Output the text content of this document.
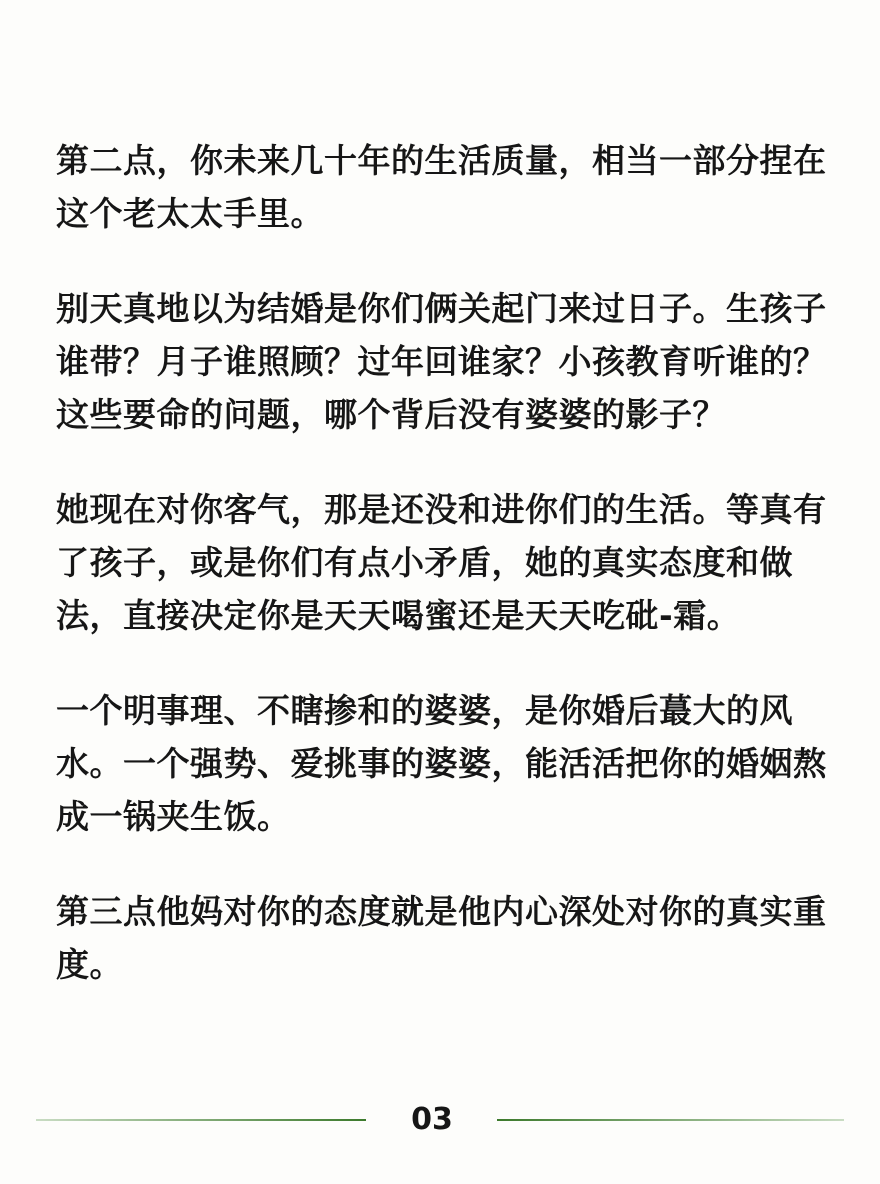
第二点，你未来几十年的生活质量，相当一部分捏在这个老太太手里。

别天真地以为结婚是你们俩关起门来过日子。生孩子谁带？月子谁照顾？过年回谁家？小孩教育听谁的？这些要命的问题，哪个背后没有婆婆的影子？

她现在对你客气，那是还没和进你们的生活。等真有了孩子，或是你们有点小矛盾，她的真实态度和做法，直接决定你是天天喝蜜还是天天吃砒-霜。

一个明事理、不瞎掺和的婆婆，是你婚后蕞大的风水。一个强势、爱挑事的婆婆，能活活把你的婚姻熬成一锅夹生饭。

第三点他妈对你的态度就是他内心深处对你的真实重度。

03
